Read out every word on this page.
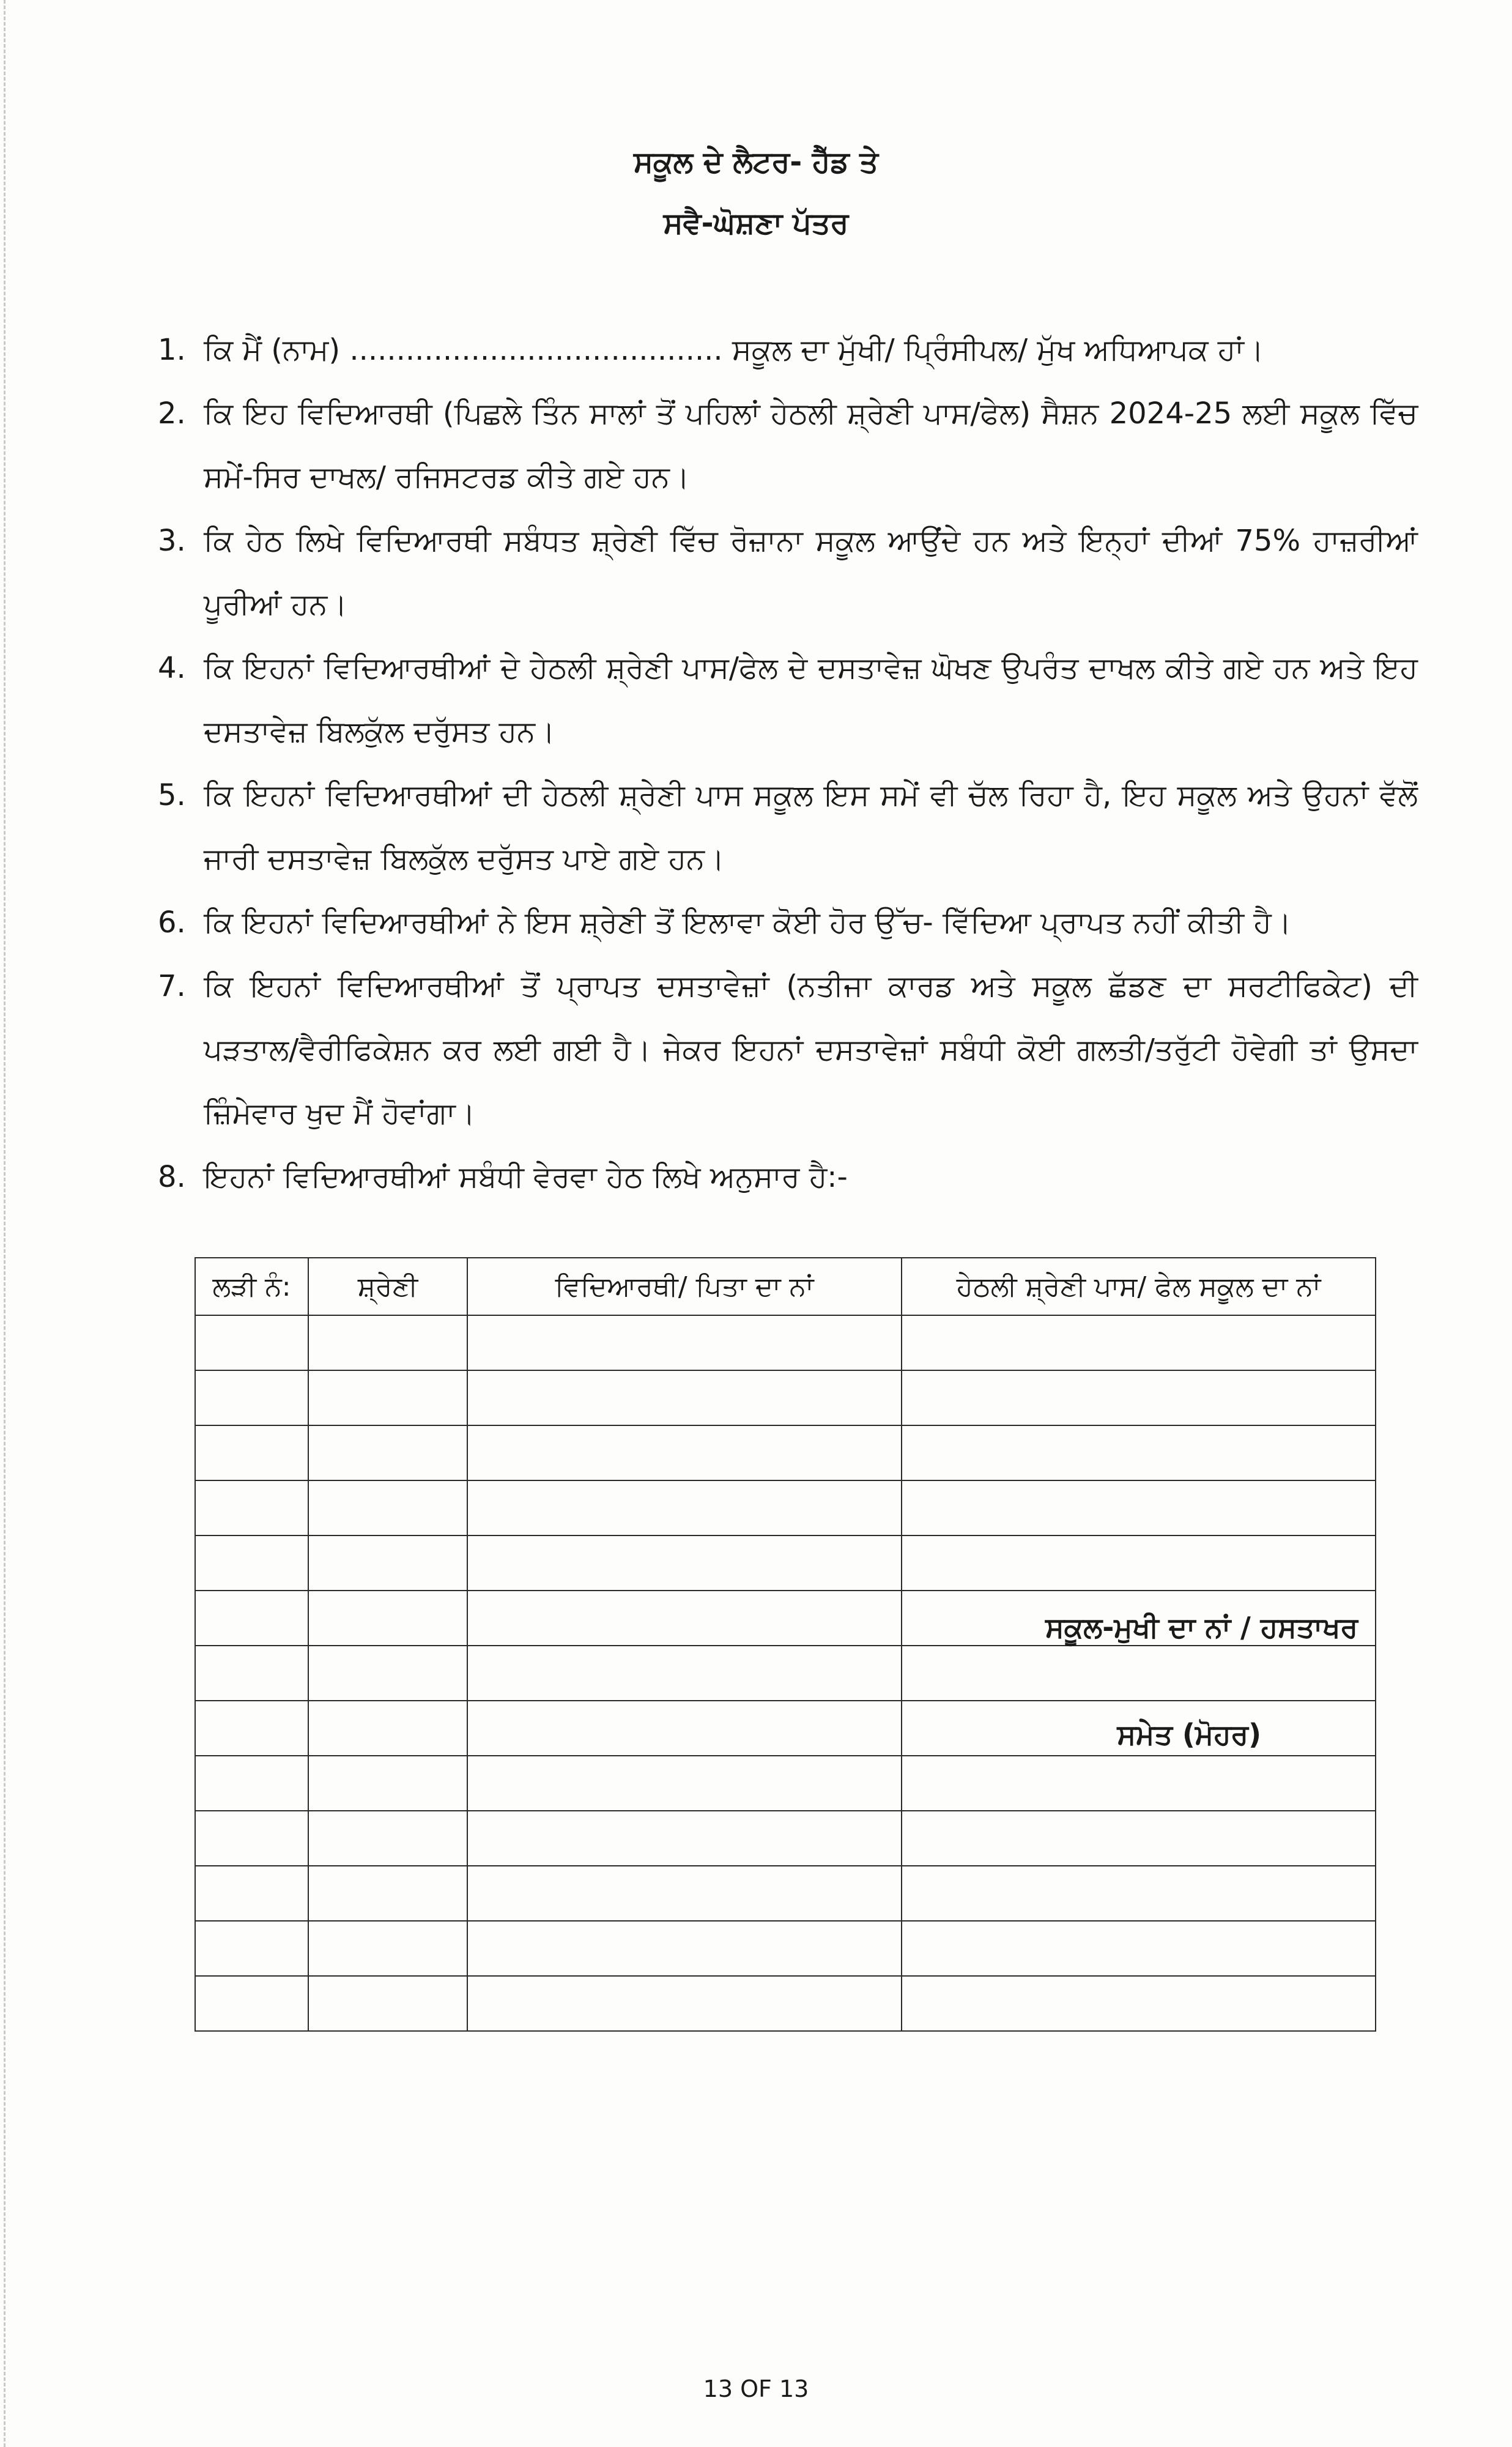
ਸਕੂਲ ਦੇ ਲੈਟਰ- ਹੈੱਡ ਤੇ
ਸਵੈ-ਘੋਸ਼ਣਾ ਪੱਤਰ
1. ਕਿ ਮੈਂ (ਨਾਮ) ........................................ ਸਕੂਲ ਦਾ ਮੁੱਖੀ/ ਪ੍ਰਿੰਸੀਪਲ/ ਮੁੱਖ ਅਧਿਆਪਕ ਹਾਂ।
2. ਕਿ ਇਹ ਵਿਦਿਆਰਥੀ (ਪਿਛਲੇ ਤਿੰਨ ਸਾਲਾਂ ਤੋਂ ਪਹਿਲਾਂ ਹੇਠਲੀ ਸ਼੍ਰੇਣੀ ਪਾਸ/ਫੇਲ) ਸੈਸ਼ਨ 2024-25 ਲਈ ਸਕੂਲ ਵਿੱਚ ਸਮੇਂ-ਸਿਰ ਦਾਖਲ/ ਰਜਿਸਟਰਡ ਕੀਤੇ ਗਏ ਹਨ।
3. ਕਿ ਹੇਠ ਲਿਖੇ ਵਿਦਿਆਰਥੀ ਸਬੰਧਤ ਸ਼੍ਰੇਣੀ ਵਿੱਚ ਰੋਜ਼ਾਨਾ ਸਕੂਲ ਆਉਂਦੇ ਹਨ ਅਤੇ ਇਨ੍ਹਾਂ ਦੀਆਂ 75% ਹਾਜ਼ਰੀਆਂ ਪੂਰੀਆਂ ਹਨ।
4. ਕਿ ਇਹਨਾਂ ਵਿਦਿਆਰਥੀਆਂ ਦੇ ਹੇਠਲੀ ਸ਼੍ਰੇਣੀ ਪਾਸ/ਫੇਲ ਦੇ ਦਸਤਾਵੇਜ਼ ਘੋਖਣ ਉਪਰੰਤ ਦਾਖਲ ਕੀਤੇ ਗਏ ਹਨ ਅਤੇ ਇਹ ਦਸਤਾਵੇਜ਼ ਬਿਲਕੁੱਲ ਦਰੁੱਸਤ ਹਨ।
5. ਕਿ ਇਹਨਾਂ ਵਿਦਿਆਰਥੀਆਂ ਦੀ ਹੇਠਲੀ ਸ਼੍ਰੇਣੀ ਪਾਸ ਸਕੂਲ ਇਸ ਸਮੇਂ ਵੀ ਚੱਲ ਰਿਹਾ ਹੈ, ਇਹ ਸਕੂਲ ਅਤੇ ਉਹਨਾਂ ਵੱਲੋਂ ਜਾਰੀ ਦਸਤਾਵੇਜ਼ ਬਿਲਕੁੱਲ ਦਰੁੱਸਤ ਪਾਏ ਗਏ ਹਨ।
6. ਕਿ ਇਹਨਾਂ ਵਿਦਿਆਰਥੀਆਂ ਨੇ ਇਸ ਸ਼੍ਰੇਣੀ ਤੋਂ ਇਲਾਵਾ ਕੋਈ ਹੋਰ ਉੱਚ- ਵਿੱਦਿਆ ਪ੍ਰਾਪਤ ਨਹੀਂ ਕੀਤੀ ਹੈ।
7. ਕਿ ਇਹਨਾਂ ਵਿਦਿਆਰਥੀਆਂ ਤੋਂ ਪ੍ਰਾਪਤ ਦਸਤਾਵੇਜ਼ਾਂ (ਨਤੀਜਾ ਕਾਰਡ ਅਤੇ ਸਕੂਲ ਛੱਡਣ ਦਾ ਸਰਟੀਫਿਕੇਟ) ਦੀ ਪੜਤਾਲ/ਵੈਰੀਫਿਕੇਸ਼ਨ ਕਰ ਲਈ ਗਈ ਹੈ। ਜੇਕਰ ਇਹਨਾਂ ਦਸਤਾਵੇਜ਼ਾਂ ਸਬੰਧੀ ਕੋਈ ਗਲਤੀ/ਤਰੁੱਟੀ ਹੋਵੇਗੀ ਤਾਂ ਉਸਦਾ ਜ਼ਿੰਮੇਵਾਰ ਖੁਦ ਮੈਂ ਹੋਵਾਂਗਾ।
8. ਇਹਨਾਂ ਵਿਦਿਆਰਥੀਆਂ ਸਬੰਧੀ ਵੇਰਵਾ ਹੇਠ ਲਿਖੇ ਅਨੁਸਾਰ ਹੈ:-
ਲੜੀ ਨੰ:	ਸ਼੍ਰੇਣੀ	ਵਿਦਿਆਰਥੀ/ ਪਿਤਾ ਦਾ ਨਾਂ	ਹੇਠਲੀ ਸ਼੍ਰੇਣੀ ਪਾਸ/ ਫੇਲ ਸਕੂਲ ਦਾ ਨਾਂ

ਸਕੂਲ-ਮੁਖੀ ਦਾ ਨਾਂ / ਹਸਤਾਖਰ
ਸਮੇਤ (ਮੋਹਰ)
13 OF 13
